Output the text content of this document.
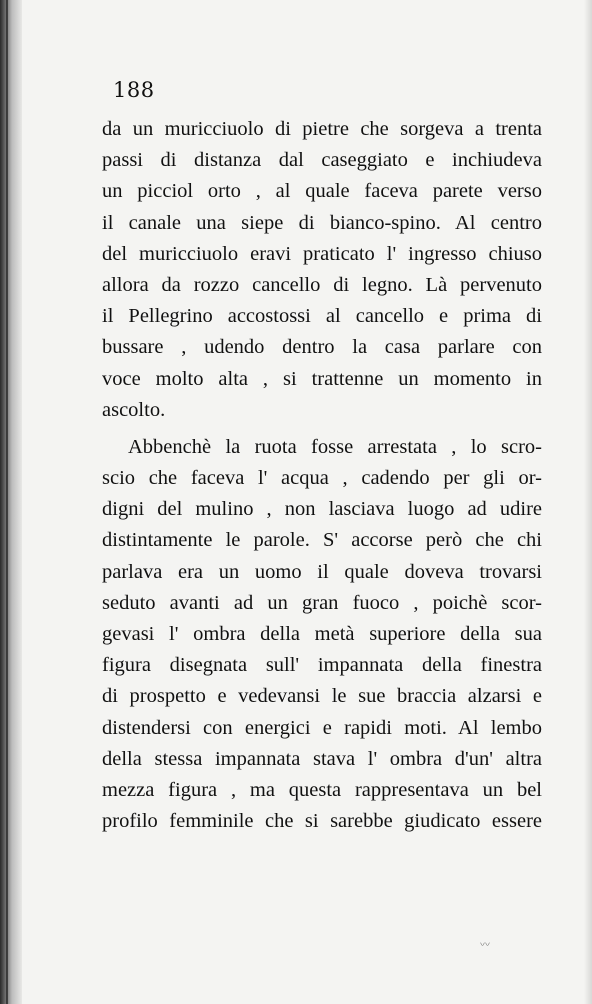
188
da un muricciuolo di pietre che sorgeva a trenta
passi di distanza dal caseggiato e inchiudeva
un picciol orto , al quale faceva parete verso
il canale una siepe di bianco-spino. Al centro
del muricciuolo eravi praticato l' ingresso chiuso
allora da rozzo cancello di legno. Là pervenuto
il Pellegrino accostossi al cancello e prima di
bussare , udendo dentro la casa parlare con
voce molto alta , si trattenne un momento in
ascolto.
Abbenchè la ruota fosse arrestata , lo scro-
scio che faceva l' acqua , cadendo per gli or-
digni del mulino , non lasciava luogo ad udire
distintamente le parole. S' accorse però che chi
parlava era un uomo il quale doveva trovarsi
seduto avanti ad un gran fuoco , poichè scor-
gevasi l' ombra della metà superiore della sua
figura disegnata sull' impannata della finestra
di prospetto e vedevansi le sue braccia alzarsi e
distendersi con energici e rapidi moti. Al lembo
della stessa impannata stava l' ombra d'un' altra
mezza figura , ma questa rappresentava un bel
profilo femminile che si sarebbe giudicato essere
〰
